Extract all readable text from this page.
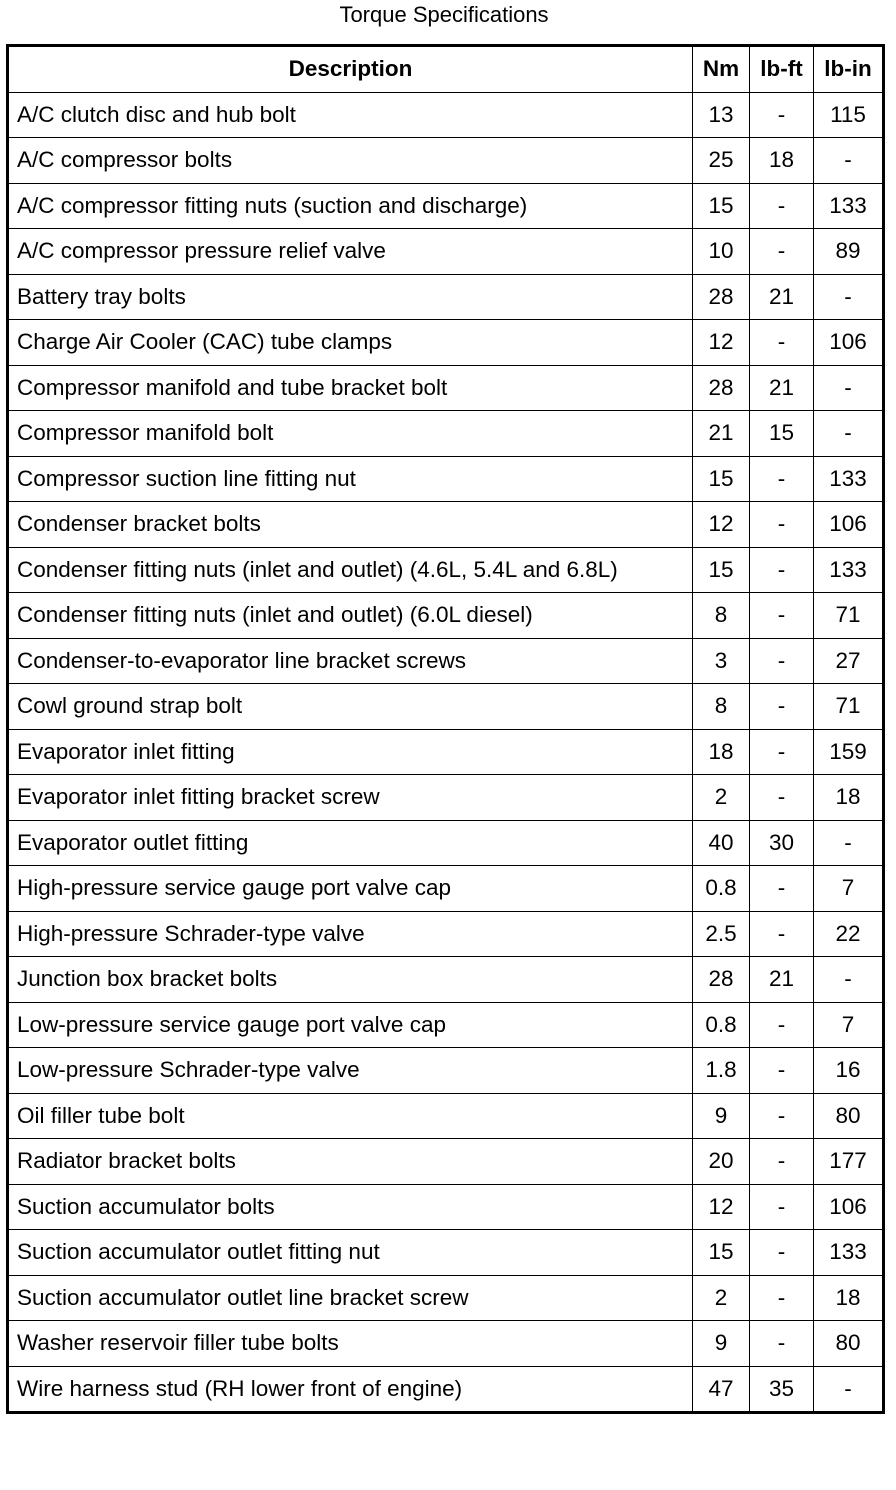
Torque Specifications
Description	Nm	lb-ft	lb-in
A/C clutch disc and hub bolt	13	-	115
A/C compressor bolts	25	18	-
A/C compressor fitting nuts (suction and discharge)	15	-	133
A/C compressor pressure relief valve	10	-	89
Battery tray bolts	28	21	-
Charge Air Cooler (CAC) tube clamps	12	-	106
Compressor manifold and tube bracket bolt	28	21	-
Compressor manifold bolt	21	15	-
Compressor suction line fitting nut	15	-	133
Condenser bracket bolts	12	-	106
Condenser fitting nuts (inlet and outlet) (4.6L, 5.4L and 6.8L)	15	-	133
Condenser fitting nuts (inlet and outlet) (6.0L diesel)	8	-	71
Condenser-to-evaporator line bracket screws	3	-	27
Cowl ground strap bolt	8	-	71
Evaporator inlet fitting	18	-	159
Evaporator inlet fitting bracket screw	2	-	18
Evaporator outlet fitting	40	30	-
High-pressure service gauge port valve cap	0.8	-	7
High-pressure Schrader-type valve	2.5	-	22
Junction box bracket bolts	28	21	-
Low-pressure service gauge port valve cap	0.8	-	7
Low-pressure Schrader-type valve	1.8	-	16
Oil filler tube bolt	9	-	80
Radiator bracket bolts	20	-	177
Suction accumulator bolts	12	-	106
Suction accumulator outlet fitting nut	15	-	133
Suction accumulator outlet line bracket screw	2	-	18
Washer reservoir filler tube bolts	9	-	80
Wire harness stud (RH lower front of engine)	47	35	-
